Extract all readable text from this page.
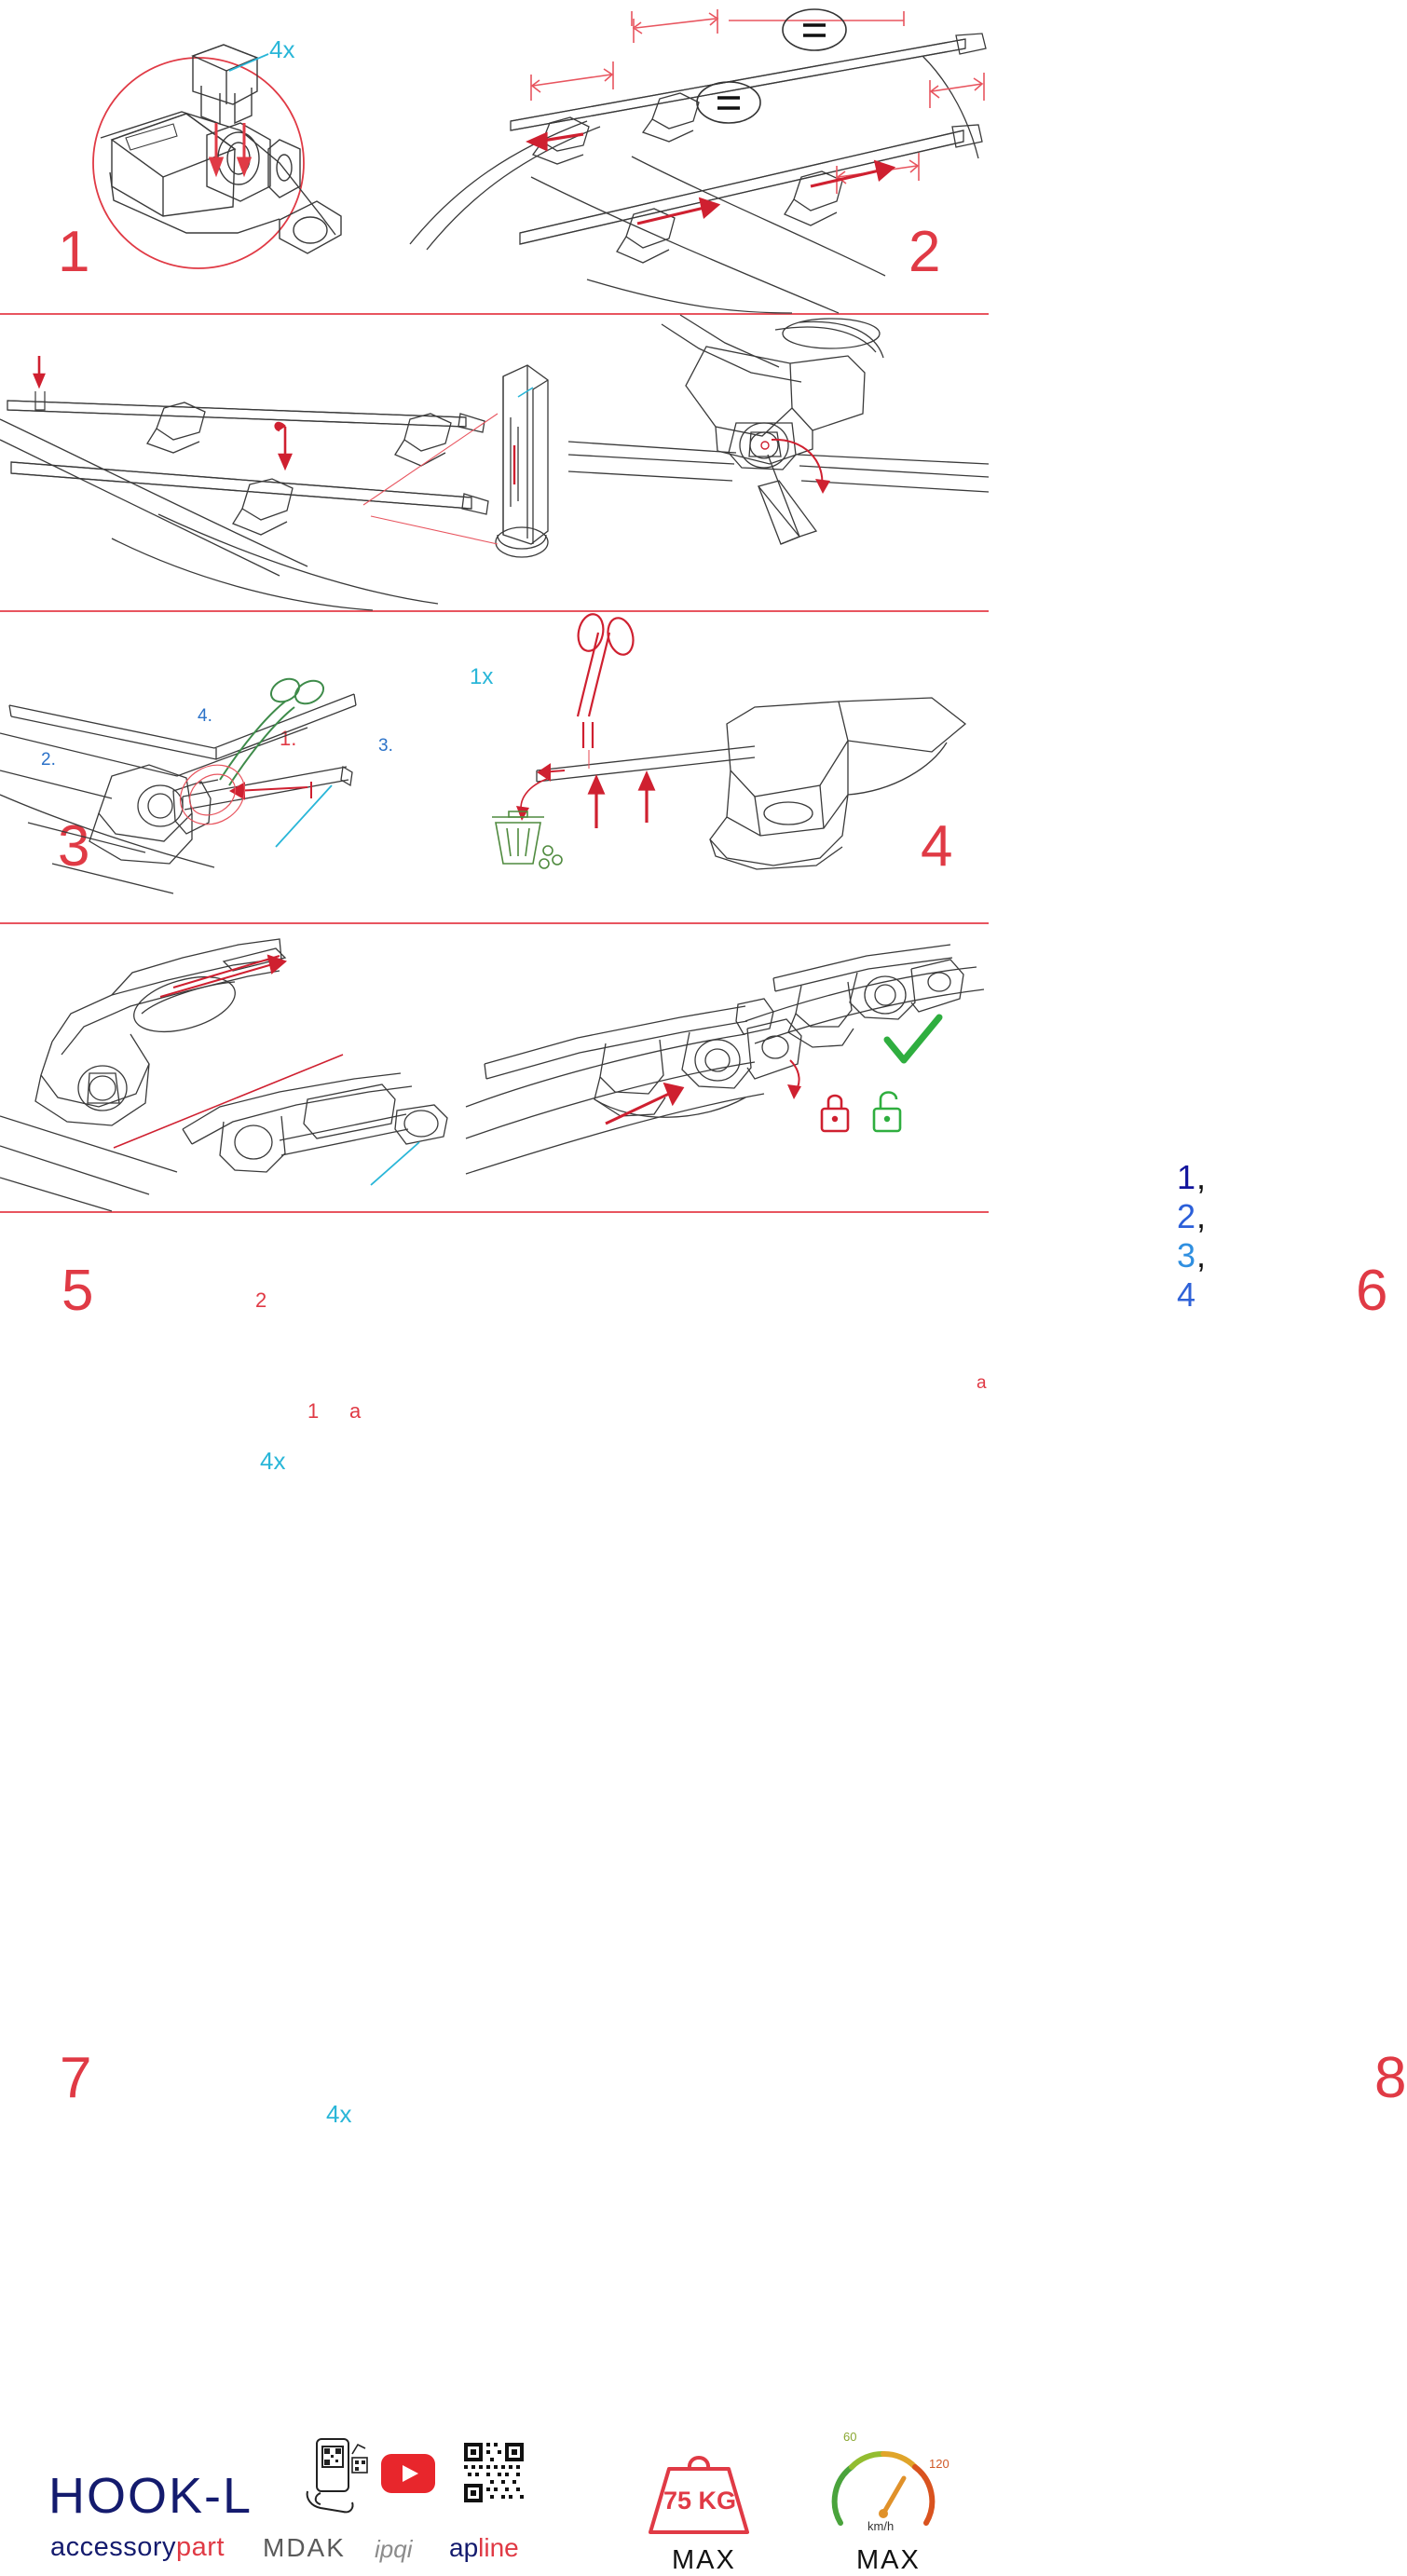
4x
1	2
1.
2.
3.
4.
1x
3
1, 2, 3, 4
4
1
2
a
4x
5
a
6
4x
7	8
HOOK-L
accessorypart MDAK ipqi apline
75 KG
MAX
60
120
km/h
MAX
